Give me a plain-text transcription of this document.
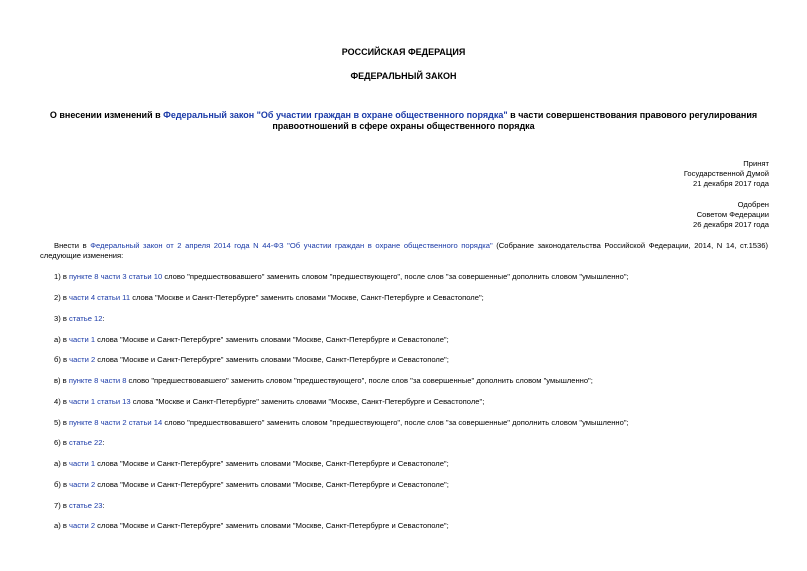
РОССИЙСКАЯ ФЕДЕРАЦИЯ
ФЕДЕРАЛЬНЫЙ ЗАКОН
О внесении изменений в Федеральный закон "Об участии граждан в охране общественного порядка" в части совершенствования правового регулирования правоотношений в сфере охраны общественного порядка
Принят
Государственной Думой
21 декабря 2017 года
Одобрен
Советом Федерации
26 декабря 2017 года
Внести в Федеральный закон от 2 апреля 2014 года N 44-ФЗ "Об участии граждан в охране общественного порядка" (Собрание законодательства Российской Федерации, 2014, N 14, ст.1536) следующие изменения:
1) в пункте 8 части 3 статьи 10 слово "предшествовавшего" заменить словом "предшествующего", после слов "за совершенные" дополнить словом "умышленно";
2) в части 4 статьи 11 слова "Москве и Санкт-Петербурге" заменить словами "Москве, Санкт-Петербурге и Севастополе";
3) в статье 12:
а) в части 1 слова "Москве и Санкт-Петербурге" заменить словами "Москве, Санкт-Петербурге и Севастополе";
б) в части 2 слова "Москве и Санкт-Петербурге" заменить словами "Москве, Санкт-Петербурге и Севастополе";
в) в пункте 8 части 8 слово "предшествовавшего" заменить словом "предшествующего", после слов "за совершенные" дополнить словом "умышленно";
4) в части 1 статьи 13 слова "Москве и Санкт-Петербурге" заменить словами "Москве, Санкт-Петербурге и Севастополе";
5) в пункте 8 части 2 статьи 14 слово "предшествовавшего" заменить словом "предшествующего", после слов "за совершенные" дополнить словом "умышленно";
6) в статье 22:
а) в части 1 слова "Москве и Санкт-Петербурге" заменить словами "Москве, Санкт-Петербурге и Севастополе";
б) в части 2 слова "Москве и Санкт-Петербурге" заменить словами "Москве, Санкт-Петербурге и Севастополе";
7) в статье 23:
а) в части 2 слова "Москве и Санкт-Петербурге" заменить словами "Москве, Санкт-Петербурге и Севастополе";
